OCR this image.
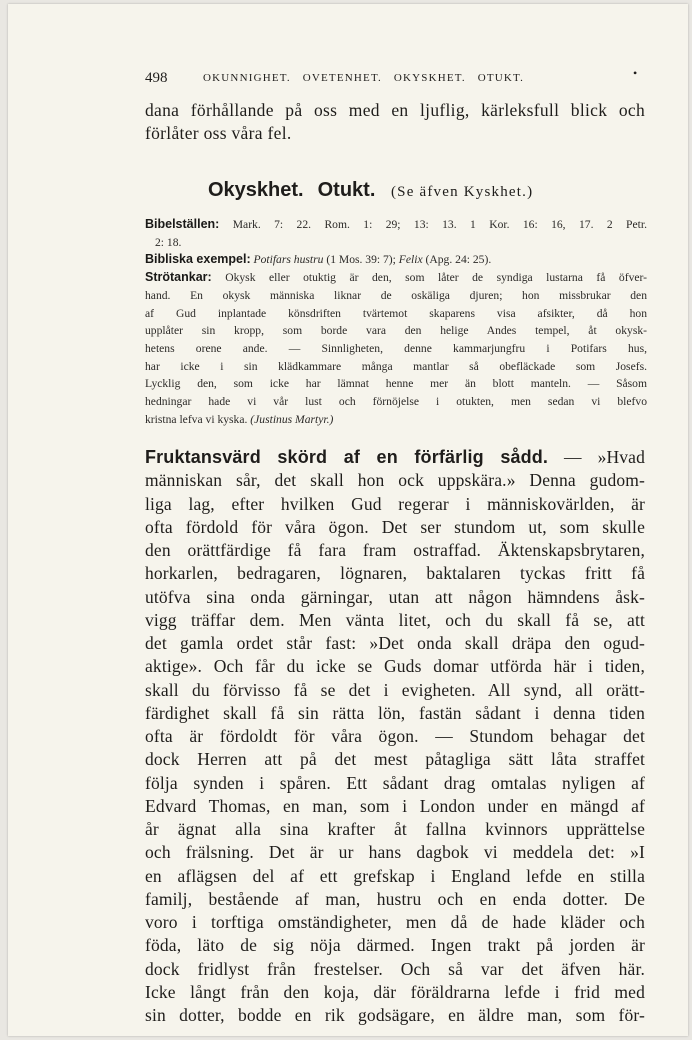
498	OKUNNIGHET.   OVETENHET.   OKYSKHET.   OTUKT.	•
dana förhållande på oss med en ljuflig, kärleksfull blick och
förlåter oss våra fel.
Okyskhet. Otukt. (Se äfven Kyskhet.)

Bibelställen: Mark. 7: 22. Rom. 1: 29; 13: 13. 1 Kor. 16: 16, 17. 2 Petr.

2: 18.

Bibliska exempel: Potifars hustru (1 Mos. 39: 7); Felix (Apg. 24: 25).

Strötankar: Okysk eller otuktig är den, som låter de syndiga lustarna få öfver-

hand. En okysk människa liknar de oskäliga djuren; hon missbrukar den

af Gud inplantade könsdriften tvärtemot skaparens visa afsikter, då hon

upplåter sin kropp, som borde vara den helige Andes tempel, åt okysk-

hetens orene ande. — Sinnligheten, denne kammarjungfru i Potifars hus,

har icke i sin klädkammare många mantlar så obefläckade som Josefs.

Lycklig den, som icke har lämnat henne mer än blott manteln. — Såsom

hedningar hade vi vår lust och förnöjelse i otukten, men sedan vi blefvo

kristna lefva vi kyska. (Justinus Martyr.)

Fruktansvärd skörd af en förfärlig sådd. — »Hvad
människan sår, det skall hon ock uppskära.» Denna gudom-
liga lag, efter hvilken Gud regerar i människovärlden, är
ofta fördold för våra ögon. Det ser stundom ut, som skulle
den orättfärdige få fara fram ostraffad. Äktenskapsbrytaren,
horkarlen, bedragaren, lögnaren, baktalaren tyckas fritt få
utöfva sina onda gärningar, utan att någon hämndens åsk-
vigg träffar dem. Men vänta litet, och du skall få se, att
det gamla ordet står fast: »Det onda skall dräpa den ogud-
aktige». Och får du icke se Guds domar utförda här i tiden,
skall du förvisso få se det i evigheten. All synd, all orätt-
färdighet skall få sin rätta lön, fastän sådant i denna tiden
ofta är fördoldt för våra ögon. — Stundom behagar det
dock Herren att på det mest påtagliga sätt låta straffet
följa synden i spåren. Ett sådant drag omtalas nyligen af
Edvard Thomas, en man, som i London under en mängd af
år ägnat alla sina krafter åt fallna kvinnors upprättelse
och frälsning. Det är ur hans dagbok vi meddela det: »I
en aflägsen del af ett grefskap i England lefde en stilla
familj, bestående af man, hustru och en enda dotter. De
voro i torftiga omständigheter, men då de hade kläder och
föda, läto de sig nöja därmed. Ingen trakt på jorden är
dock fridlyst från frestelser. Och så var det äfven här.
Icke långt från den koja, där föräldrarna lefde i frid med
sin dotter, bodde en rik godsägare, en äldre man, som för-
